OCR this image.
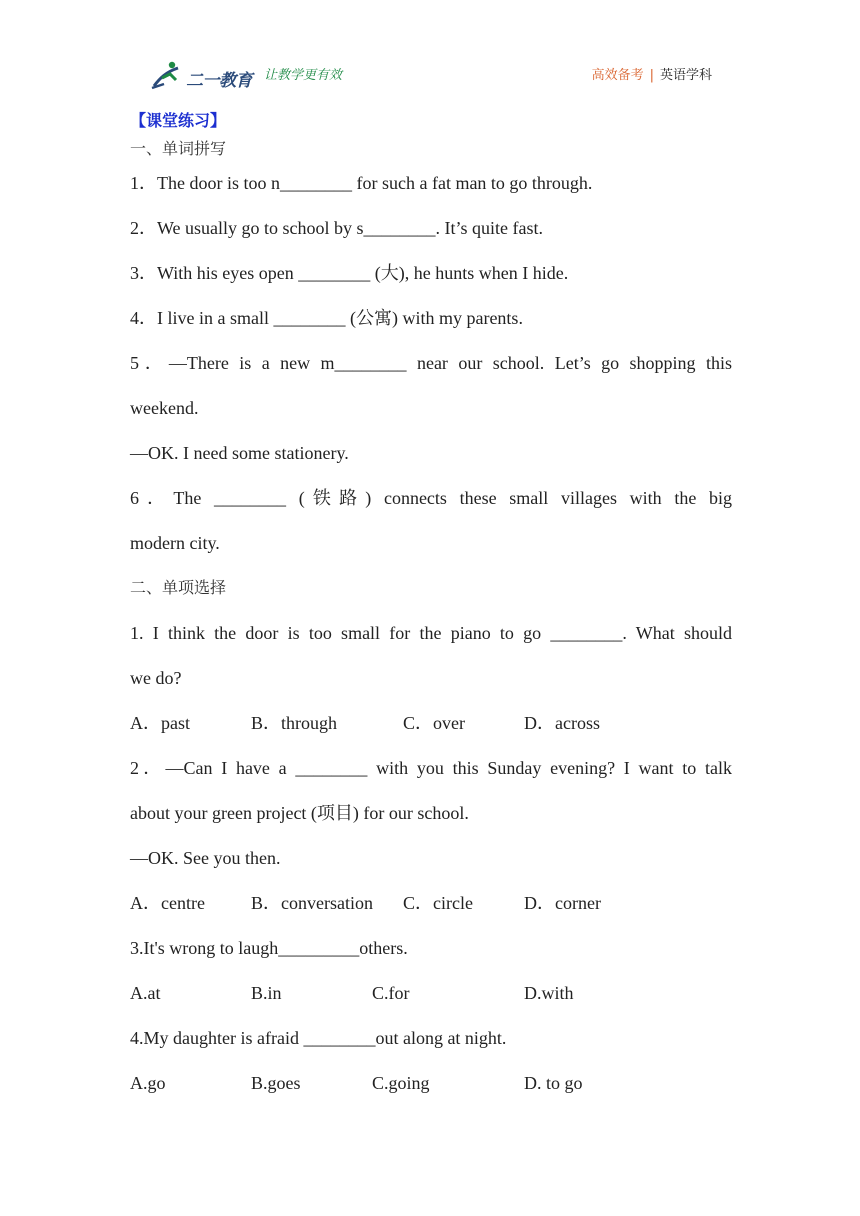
二一教育 让教学更有效	高效备考 | 英语学科
【课堂练习】
一、单词拼写
1．The door is too n________ for such a fat man to go through.
2．We usually go to school by s________. It’s quite fast.
3．With his eyes open ________ (大), he hunts when I hide.
4．I live in a small ________ (公寓) with my parents.
5．—There is a new m________ near our school. Let’s go shopping this
weekend.
—OK. I need some stationery.
6．The ________ (铁路) connects these small villages with the big
modern city.
二、单项选择
1. I think the door is too small for the piano to go ________. What should
we do?
A．past	B．through	C．over	D．across
2．—Can I have a ________ with you this Sunday evening? I want to talk
about your green project (项目) for our school.
—OK. See you then.
A．centre	B．conversation C．circle	D．corner
3.It's wrong to laugh_________others.
A.at	B.in	C.for	D.with
4.My daughter is afraid ________out along at night.
A.go	B.goes	C.going	D. to go
